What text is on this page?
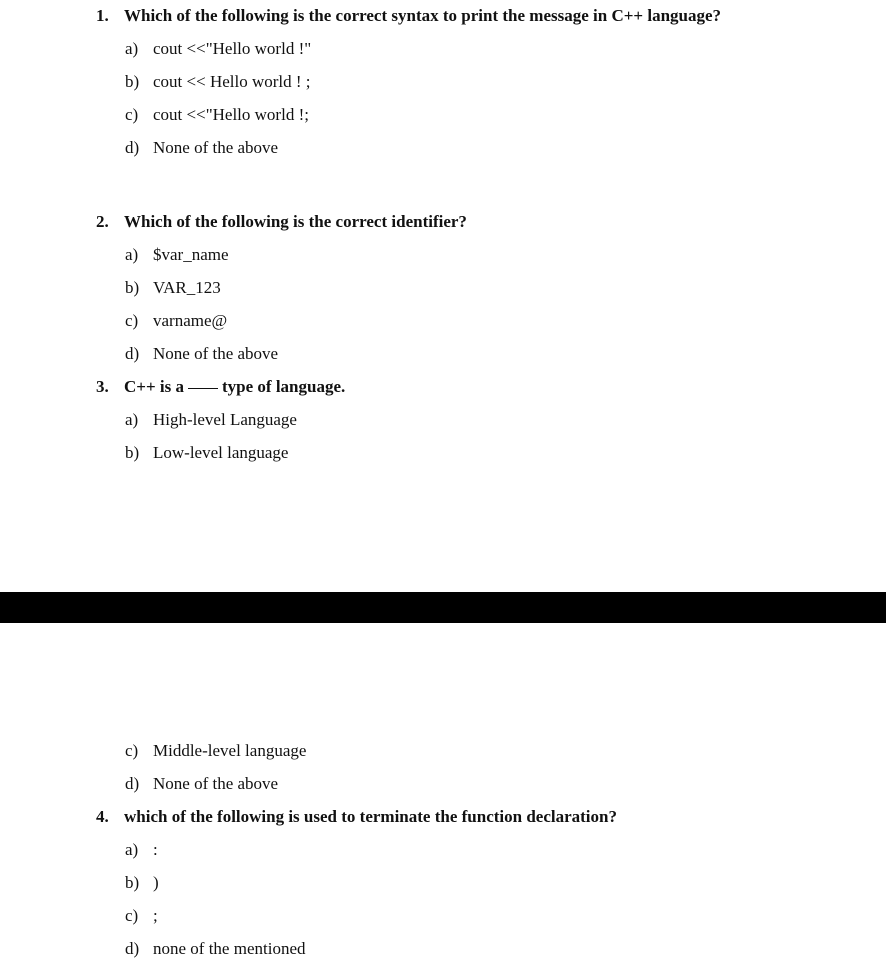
1. Which of the following is the correct syntax to print the message in C++ language?
a) cout <<"Hello world !"
b) cout << Hello world ! ;
c) cout <<"Hello world !;
d) None of the above
2. Which of the following is the correct identifier?
a) $var_name
b) VAR_123
c) varname@
d) None of the above
3. C++ is a type of language.
a) High-level Language
b) Low-level language
c) Middle-level language
d) None of the above
4. which of the following is used to terminate the function declaration?
a) :
b) )
c) ;
d) none of the mentioned
